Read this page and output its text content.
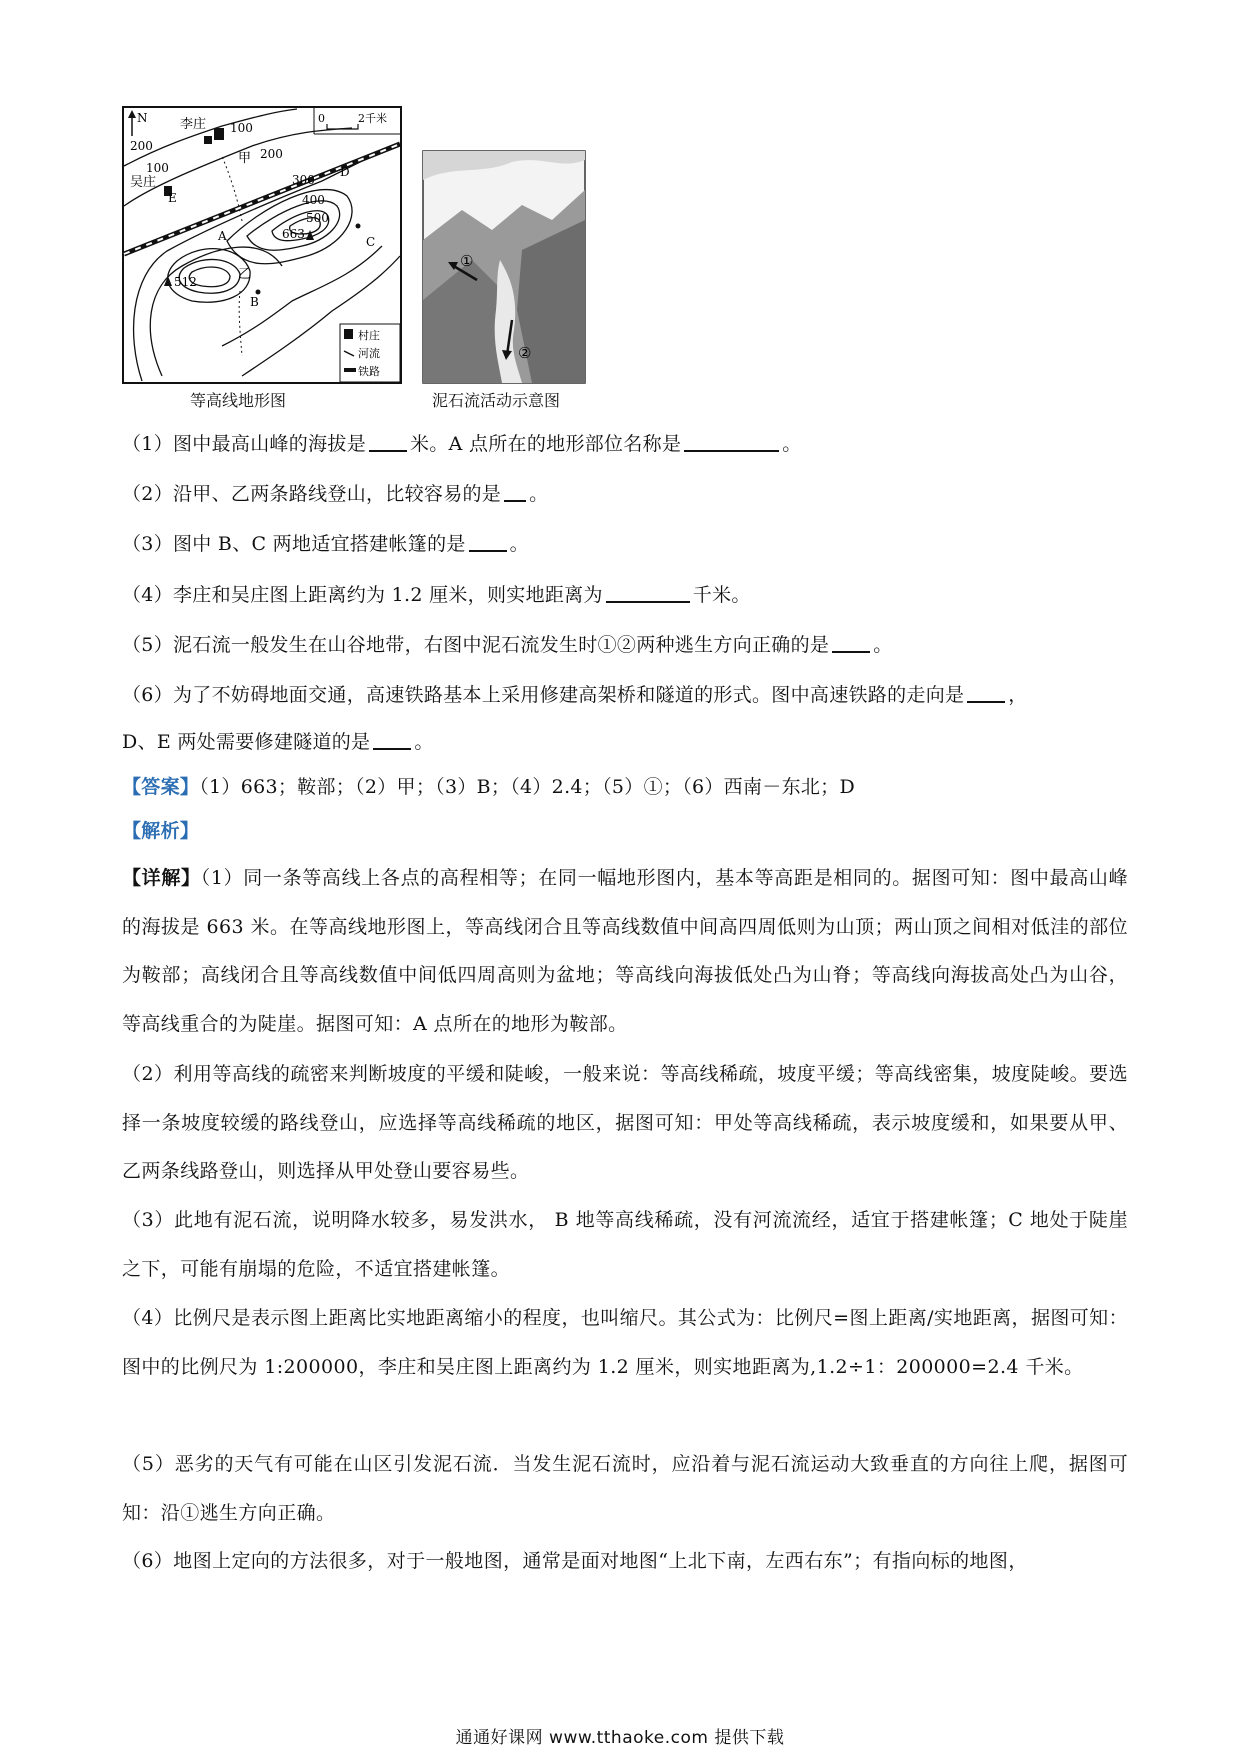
N	0	2千米
200
100
100
200
300
400
500
663
512
李庄
吴庄
甲
乙
A
B
C
D
E
村庄
河流
铁路
等高线地形图
①
②
泥石流活动示意图
（1）图中最高山峰的海拔是 米。A 点所在的地形部位名称是	。
（2）沿甲、乙两条路线登山，比较容易的是 。
（3）图中 B、C 两地适宜搭建帐篷的是 。
（4）李庄和吴庄图上距离约为 1.2 厘米，则实地距离为	千米。
（5）泥石流一般发生在山谷地带，右图中泥石流发生时①②两种逃生方向正确的是 。
（6）为了不妨碍地面交通，高速铁路基本上采用修建高架桥和隧道的形式。图中高速铁路的走向是 ，
D、E 两处需要修建隧道的是 。
【答案】（1）663；鞍部；（2）甲；（3）B；（4）2.4；（5）①；（6）西南－东北；D
【解析】
【详解】（1）同一条等高线上各点的高程相等；在同一幅地形图内，基本等高距是相同的。据图可知：图中最高山峰的海拔是 663 米。在等高线地形图上，等高线闭合且等高线数值中间高四周低则为山顶；两山顶之间相对低洼的部位为鞍部；高线闭合且等高线数值中间低四周高则为盆地；等高线向海拔低处凸为山脊；等高线向海拔高处凸为山谷，等高线重合的为陡崖。据图可知：A 点所在的地形为鞍部。
（2）利用等高线的疏密来判断坡度的平缓和陡峻，一般来说：等高线稀疏，坡度平缓；等高线密集，坡度陡峻。要选择一条坡度较缓的路线登山，应选择等高线稀疏的地区，据图可知：甲处等高线稀疏，表示坡度缓和，如果要从甲、乙两条线路登山，则选择从甲处登山要容易些。
（3）此地有泥石流，说明降水较多，易发洪水， B 地等高线稀疏，没有河流流经，适宜于搭建帐篷；C 地处于陡崖之下，可能有崩塌的危险，不适宜搭建帐篷。
（4）比例尺是表示图上距离比实地距离缩小的程度，也叫缩尺。其公式为：比例尺=图上距离/实地距离，据图可知：图中的比例尺为 1:200000，李庄和吴庄图上距离约为 1.2 厘米，则实地距离为,1.2÷1：200000=2.4 千米。
（5）恶劣的天气有可能在山区引发泥石流．当发生泥石流时，应沿着与泥石流运动大致垂直的方向往上爬，据图可知：沿①逃生方向正确。
（6）地图上定向的方法很多，对于一般地图，通常是面对地图“上北下南，左西右东”；有指向标的地图，
通通好课网 www.tthaoke.com 提供下载
